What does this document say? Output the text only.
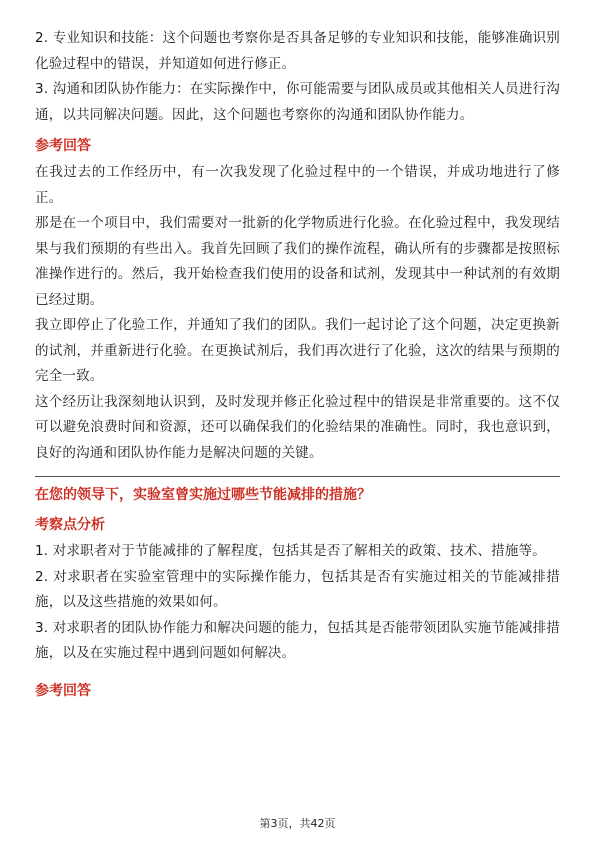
2. 专业知识和技能：这个问题也考察你是否具备足够的专业知识和技能，能够准确识别化验过程中的错误，并知道如何进行修正。

3. 沟通和团队协作能力：在实际操作中，你可能需要与团队成员或其他相关人员进行沟通，以共同解决问题。因此，这个问题也考察你的沟通和团队协作能力。

参考回答

在我过去的工作经历中，有一次我发现了化验过程中的一个错误，并成功地进行了修正。

那是在一个项目中，我们需要对一批新的化学物质进行化验。在化验过程中，我发现结果与我们预期的有些出入。我首先回顾了我们的操作流程，确认所有的步骤都是按照标准操作进行的。然后，我开始检查我们使用的设备和试剂，发现其中一种试剂的有效期已经过期。

我立即停止了化验工作，并通知了我们的团队。我们一起讨论了这个问题，决定更换新的试剂，并重新进行化验。在更换试剂后，我们再次进行了化验，这次的结果与预期的完全一致。

这个经历让我深刻地认识到，及时发现并修正化验过程中的错误是非常重要的。这不仅可以避免浪费时间和资源，还可以确保我们的化验结果的准确性。同时，我也意识到，良好的沟通和团队协作能力是解决问题的关键。

在您的领导下，实验室曾实施过哪些节能减排的措施？
考察点分析

1. 对求职者对于节能减排的了解程度，包括其是否了解相关的政策、技术、措施等。

2. 对求职者在实验室管理中的实际操作能力，包括其是否有实施过相关的节能减排措施，以及这些措施的效果如何。

3. 对求职者的团队协作能力和解决问题的能力，包括其是否能带领团队实施节能减排措施，以及在实施过程中遇到问题如何解决。

参考回答
第3页，共42页
